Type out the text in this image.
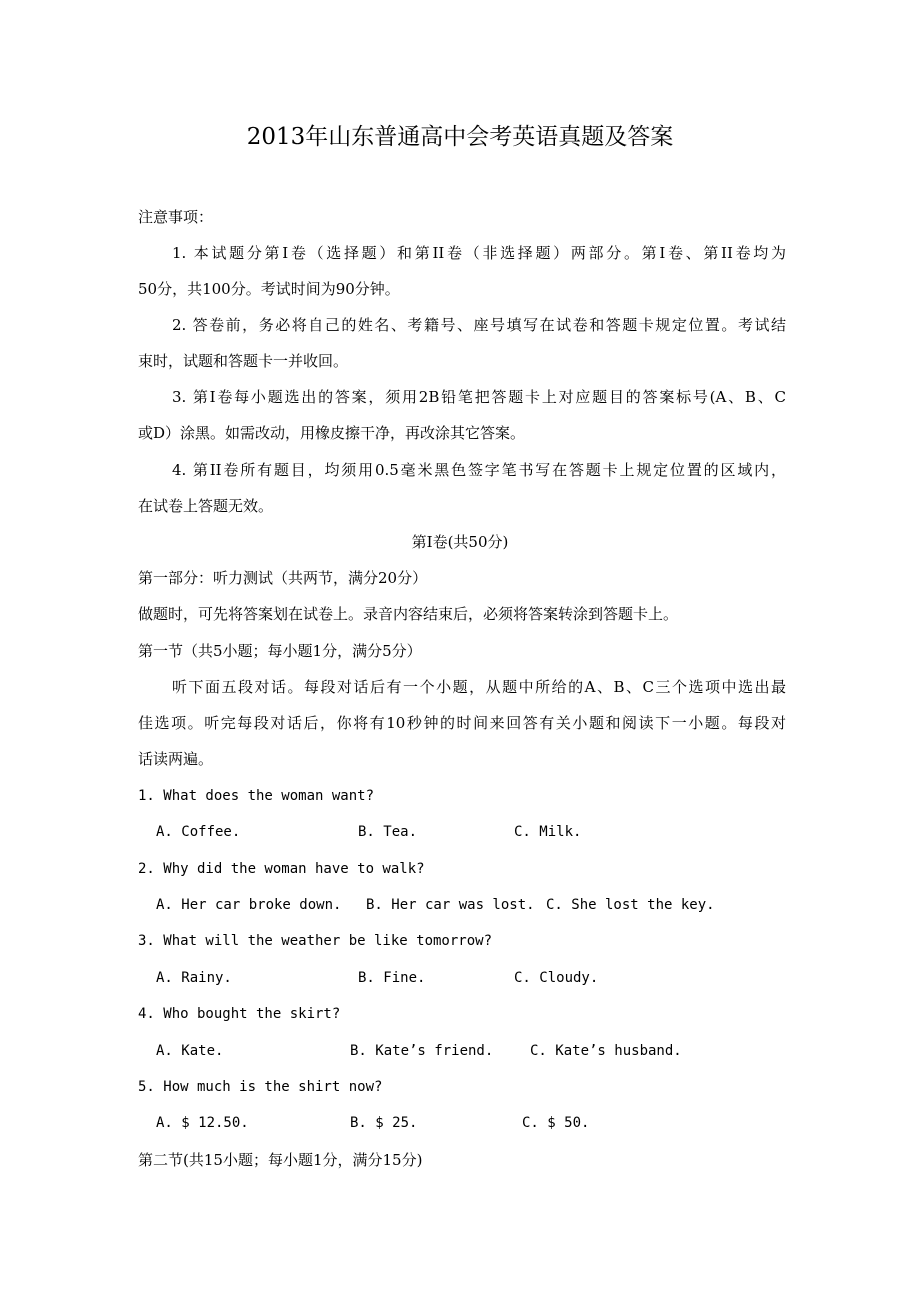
2013年山东普通高中会考英语真题及答案
注意事项：
1. 本试题分第Ⅰ卷（选择题）和第II卷（非选择题）两部分。第Ⅰ卷、第II卷均为
50分，共100分。考试时间为90分钟。
2. 答卷前，务必将自己的姓名、考籍号、座号填写在试卷和答题卡规定位置。考试结
束时，试题和答题卡一并收回。
3. 第Ⅰ卷每小题选出的答案，须用2B铅笔把答题卡上对应题目的答案标号(A、B、C
或D）涂黑。如需改动，用橡皮擦干净，再改涂其它答案。
4. 第II卷所有题目，均须用0.5毫米黑色签字笔书写在答题卡上规定位置的区域内，
在试卷上答题无效。
第Ⅰ卷(共50分)
第一部分：听力测试（共两节，满分20分）
做题时，可先将答案划在试卷上。录音内容结束后，必须将答案转涂到答题卡上。
第一节（共5小题；每小题1分，满分5分）
听下面五段对话。每段对话后有一个小题，从题中所给的A、B、C三个选项中选出最
佳选项。听完每段对话后，你将有10秒钟的时间来回答有关小题和阅读下一小题。每段对
话读两遍。
1. What does the woman want?
A. Coffee.	B. Tea.	C. Milk.
2. Why did the woman have to walk?
A. Her car broke down. B. Her car was lost. C. She lost the key.
3. What will the weather be like tomorrow?
A. Rainy.	B. Fine.	C. Cloudy.
4. Who bought the skirt?
A. Kate.	B. Kate’s friend.	C. Kate’s husband.
5. How much is the shirt now?
A. $ 12.50.	B. $ 25.	C. $ 50.
第二节(共15小题；每小题1分，满分15分)
